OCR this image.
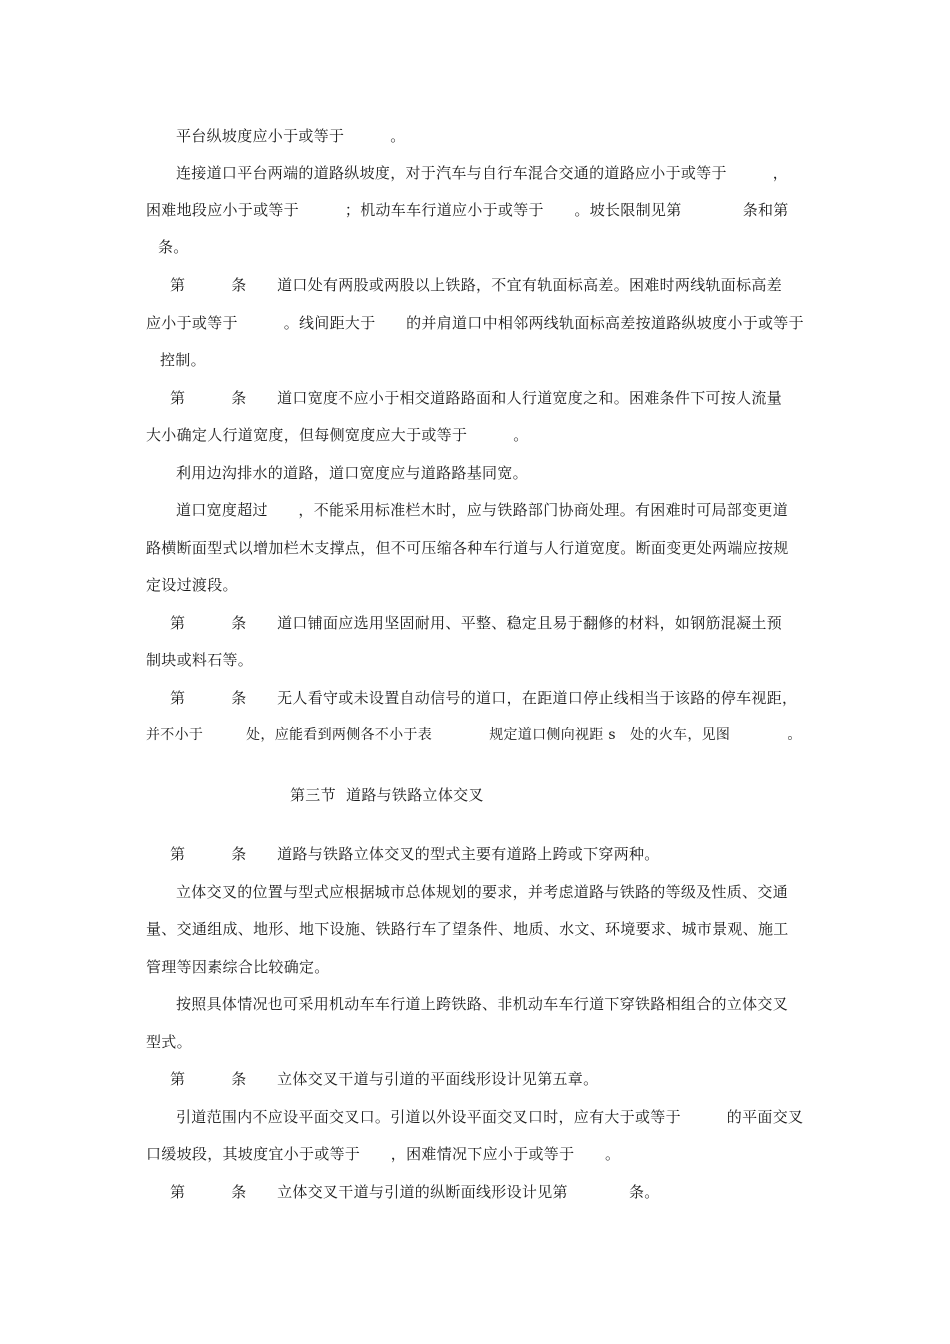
平台纵坡度应小于或等于　　　。

连接道口平台两端的道路纵坡度，对于汽车与自行车混合交通的道路应小于或等于　　　，

困难地段应小于或等于　　　；机动车车行道应小于或等于　　。坡长限制见第　　　　条和第

条。

第　　　条　　道口处有两股或两股以上铁路，不宜有轨面标高差。困难时两线轨面标高差

应小于或等于　　　。线间距大于　　的并肩道口中相邻两线轨面标高差按道路纵坡度小于或等于

控制。

第　　　条　　道口宽度不应小于相交道路路面和人行道宽度之和。困难条件下可按人流量

大小确定人行道宽度，但每侧宽度应大于或等于　　　。

利用边沟排水的道路，道口宽度应与道路路基同宽。

道口宽度超过　　，不能采用标准栏木时，应与铁路部门协商处理。有困难时可局部变更道

路横断面型式以增加栏木支撑点，但不可压缩各种车行道与人行道宽度。断面变更处两端应按规

定设过渡段。

第　　　条　　道口铺面应选用坚固耐用、平整、稳定且易于翻修的材料，如钢筋混凝土预

制块或料石等。

第　　　条　　无人看守或未设置自动信号的道口，在距道口停止线相当于该路的停车视距，

并不小于　　　处，应能看到两侧各不小于表　　　　规定道口侧向视距 s　处的火车，见图　　　　。

第三节  道路与铁路立体交叉

第　　　条　　道路与铁路立体交叉的型式主要有道路上跨或下穿两种。

立体交叉的位置与型式应根据城市总体规划的要求，并考虑道路与铁路的等级及性质、交通

量、交通组成、地形、地下设施、铁路行车了望条件、地质、水文、环境要求、城市景观、施工

管理等因素综合比较确定。

按照具体情况也可采用机动车车行道上跨铁路、非机动车车行道下穿铁路相组合的立体交叉

型式。

第　　　条　　立体交叉干道与引道的平面线形设计见第五章。

引道范围内不应设平面交叉口。引道以外设平面交叉口时，应有大于或等于　　　的平面交叉

口缓坡段，其坡度宜小于或等于　　，困难情况下应小于或等于　　。

第　　　条　　立体交叉干道与引道的纵断面线形设计见第　　　　条。
